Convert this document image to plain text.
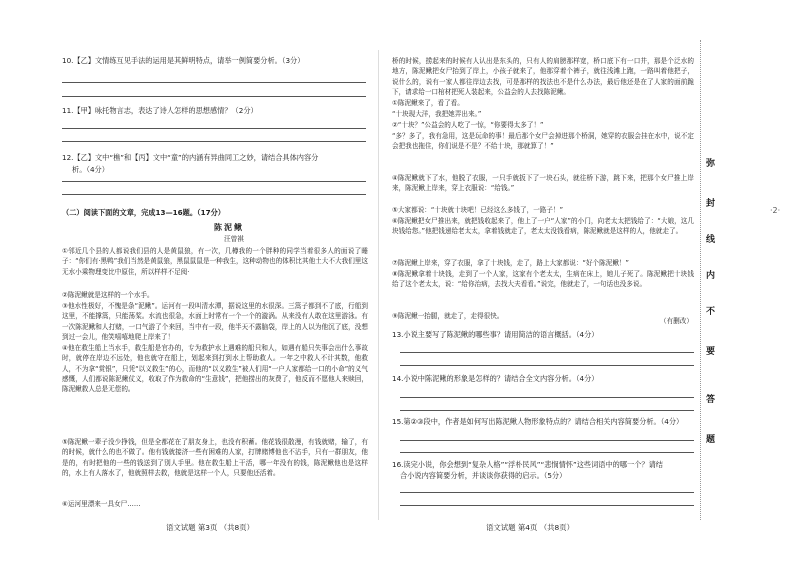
10.【乙】文情练互见手法的运用是其鲜明特点，请举一例简要分析。（3分）
11.【甲】咏托物言志，表达了诗人怎样的思想感情？（2分）
12.【乙】文中“樵”和【丙】文中“童”的内涵有异曲同工之妙，请结合具体内容分
析。（4分）
（二）阅读下面的文章，完成13—16题。（17分）
陈泥鳅
汪曾祺
①邻近几个县的人都说我们县的人是黄鼠狼，有一次，几樽我的一个胖种的同学当着很多人的面说了睡子：“你们有·黑鸭”我们当然是黄鼠狼，黑鼠鼠鼠是一种我生，这种动物也的体积比其他土大不大我们里这无水小乘物理变比中原住，所以样样不足阅·
②陈泥鳅就是这样的一个水手。
③他水性极好，不愧是条“泥鳅”。运河有一段叫清水潭，据说这里的水很深。三篙子都到不了底，行船到这里，不能撑篙，只能荡桨。水流也很急，水面上时常有一个一个的漩涡。从来没有人敢在这里游泳。有一次陈泥鳅和人打赌，一口气游了个来回，当中有一段，他半天不露脑袋，岸上的人以为他沉了底，没想到过一会儿，他笑嘻嘻地爬上岸来了！
④他在救生船上当水手，救生船是官办的，专为救护水上遇难的船只和人，如遇有船只失事会出什么事故时，就停在岸边不远处，他也就守在船上，划起来到打到水上帮助救人。一年之中救人不计其数，他救人，不为拿“赏银”，只凭“以义救生”的心，而他的“以义救生”被人们用“一户人家都给一口的小命”的义气感慨，人们都说陈泥鳅仗义，收取了作为救命的“生意钱”，把他捞出的灰费了，他反而不愿他人来赎回，陈泥鳅救人总是无偿的。
⑤陈泥鳅一辈子没少挣钱，但是全都花在了朋友身上，也没有积蓄。他花钱很散漫，有钱就赌，输了，有的时候，就什么的也不做了。他有钱就接济一些有困难的人家，打牌赌博他也不沾手，只有一群朋友，他是的，有时把他的一些的钱送到了别人手里。他在救生船上干活，哪一年没有的钱，陈泥鳅他也是这样的，水上有人落水了，他就照样去救，他就是这样一个人，只要他还活着。
⑥运河里漂来一具女尸……
语文试题 第3页 （共8页）
桥的时候，捞起来的时候有人认出是东头的，只有人的肩膀那样宽，桥口底下有一口井，那是个泛水的地方，陈泥鳅把女尸抬到了岸上，小孩子就来了，他那穿着个裤子，就往浅滩上跑，一路叫着他把子，说什么的，说有一家人都往岸边去找，可是那样的找法也不是什么办法，最后他还是在了人家的面前跪下，请求给一口棺材把死人装起来，公益会的人去找陈泥鳅。
①陈泥鳅来了，看了看。
“十块现大洋，我把她弄出来。”
②“十块？”公益会的人吃了一惊，“你要得太多了！”
“多？多了，我有急用，这是玩命的事！最后那个女尸会掉进那个桥洞，她穿的衣服会挂在水中，说不定会把我也拖住，你们说是不是？不给十块，那就算了！”
④陈泥鳅就下了水，他脱了衣服，一只手就扳下了一块石头，就往桥下游，跳下来，把那个女尸推上岸来，陈泥鳅上岸来，穿上衣服说：“给钱。”
⑤大家都说：“十块就十块吧！已经这么多钱了，一路子！”
⑥陈泥鳅把女尸推出来，就把钱收起来了，他上了一户“人家”的小门，向老太太把钱给了：“大娘，这几块钱给您。”他把钱递给老太太，拿着钱就走了，老太太没钱看病，陈泥鳅就是这样的人，他就走了。
⑦陈泥鳅上岸来，穿了衣服，拿了十块钱，走了，路上大家都说：“好个陈泥鳅！”
⑧陈泥鳅拿着十块钱，走到了一个人家，这家有个老太太，生病在床上，她儿子死了。陈泥鳅把十块钱给了这个老太太，说：“给你治病，去找大夫看看。”说完，他就走了，一句话也没多说。
⑨陈泥鳅一抬腿，就走了，走得很快。
（有删改）
13.小说主要写了陈泥鳅的哪些事？请用简洁的语言概括。（4分）
14.小说中陈泥鳅的形象是怎样的？请结合全文内容分析。（4分）
15.第②③段中，作者是如何写出陈泥鳅人物形象特点的？请结合相关内容简要分析。（4分）
16.读完小说，你会想到“复杂人格”“浮朴民风”“悲悯情怀”这些词语中的哪一个？请结
合小说内容简要分析，并谈谈你获得的启示。（5分）
语文试题 第4页 （共8页）
弥
封
线
内
不
要
答
题
·2·
